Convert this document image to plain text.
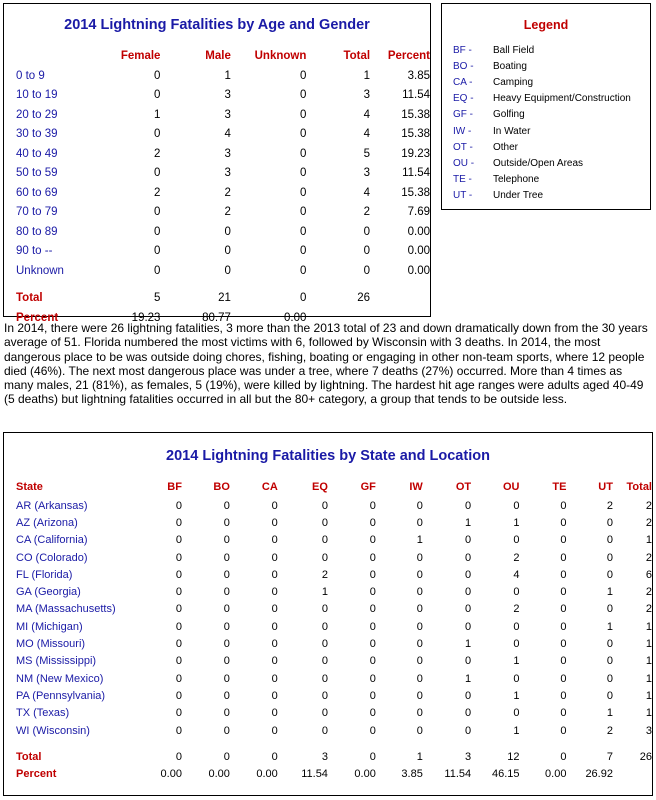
2014 Lightning Fatalities by Age and Gender
	Female	Male	Unknown	Total	Percent
0 to 9	0	1	0	1	3.85
10 to 19	0	3	0	3	11.54
20 to 29	1	3	0	4	15.38
30 to 39	0	4	0	4	15.38
40 to 49	2	3	0	5	19.23
50 to 59	0	3	0	3	11.54
60 to 69	2	2	0	4	15.38
70 to 79	0	2	0	2	7.69
80 to 89	0	0	0	0	0.00
90 to --	0	0	0	0	0.00
Unknown	0	0	0	0	0.00

Total	5	21	0	26	
Percent	19.23	80.77	0.00		
Legend
BF -	Ball Field
BO -	Boating
CA -	Camping
EQ -	Heavy Equipment/Construction
GF -	Golfing
IW -	In Water
OT -	Other
OU -	Outside/Open Areas
TE -	Telephone
UT -	Under Tree

In 2014, there were 26 lightning fatalities, 3 more than the 2013 total of 23 and down dramatically down from the 30 years average of 51. Florida numbered the most victims with 6, followed by Wisconsin with 3 deaths. In 2014, the most dangerous place to be was outside doing chores, fishing, boating or engaging in other non-team sports, where 12 people died (46%). The next most dangerous place was under a tree, where 7 deaths (27%) occurred. More than 4 times as many males, 21 (81%), as females, 5 (19%), were killed by lightning. The hardest hit age ranges were adults aged 40-49 (5 deaths) but lightning fatalities occurred in all but the 80+ category, a group that tends to be outside less.

2014 Lightning Fatalities by State and Location
State	BF	BO	CA	EQ	GF	IW	OT	OU	TE	UT	Total
AR (Arkansas)	0	0	0	0	0	0	0	0	0	2	2
AZ (Arizona)	0	0	0	0	0	0	1	1	0	0	2
CA (California)	0	0	0	0	0	1	0	0	0	0	1
CO (Colorado)	0	0	0	0	0	0	0	2	0	0	2
FL (Florida)	0	0	0	2	0	0	0	4	0	0	6
GA (Georgia)	0	0	0	1	0	0	0	0	0	1	2
MA (Massachusetts)	0	0	0	0	0	0	0	2	0	0	2
MI (Michigan)	0	0	0	0	0	0	0	0	0	1	1
MO (Missouri)	0	0	0	0	0	0	1	0	0	0	1
MS (Mississippi)	0	0	0	0	0	0	0	1	0	0	1
NM (New Mexico)	0	0	0	0	0	0	1	0	0	0	1
PA (Pennsylvania)	0	0	0	0	0	0	0	1	0	0	1
TX (Texas)	0	0	0	0	0	0	0	0	0	1	1
WI (Wisconsin)	0	0	0	0	0	0	0	1	0	2	3

Total	0	0	0	3	0	1	3	12	0	7	26
Percent	0.00	0.00	0.00	11.54	0.00	3.85	11.54	46.15	0.00	26.92	
